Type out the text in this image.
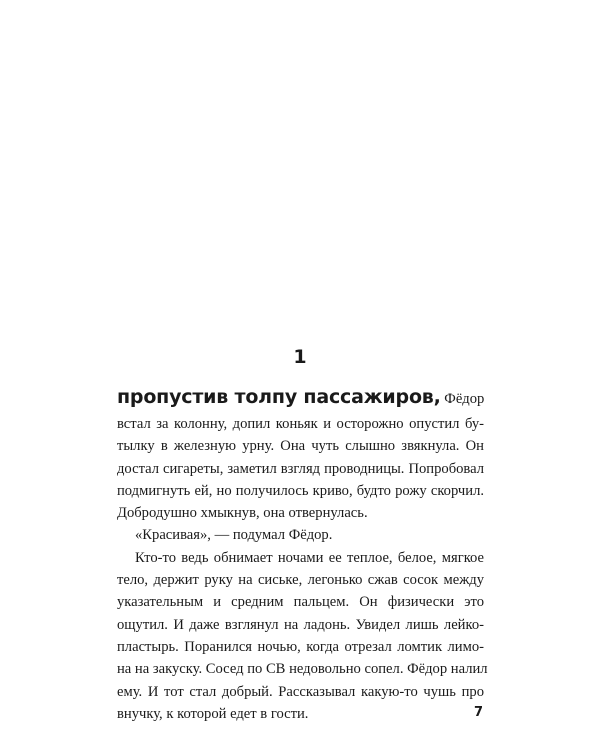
1
пропустив толпу пассажиров, Фёдор
встал за колонну, допил коньяк и осторожно опустил бу-
тылку в железную урну. Она чуть слышно звякнула. Он
достал сигареты, заметил взгляд проводницы. Попробовал
подмигнуть ей, но получилось криво, будто рожу скорчил.
Добродушно хмыкнув, она отвернулась.
«Красивая», — подумал Фёдор.
Кто-то ведь обнимает ночами ее теплое, белое, мягкое
тело, держит руку на сиське, легонько сжав сосок между
указательным и средним пальцем. Он физически это
ощутил. И даже взглянул на ладонь. Увидел лишь лейко-
пластырь. Поранился ночью, когда отрезал ломтик лимо-
на на закуску. Сосед по СВ недовольно сопел. Фёдор налил
ему. И тот стал добрый. Рассказывал какую-то чушь про
внучку, к которой едет в гости.	7
